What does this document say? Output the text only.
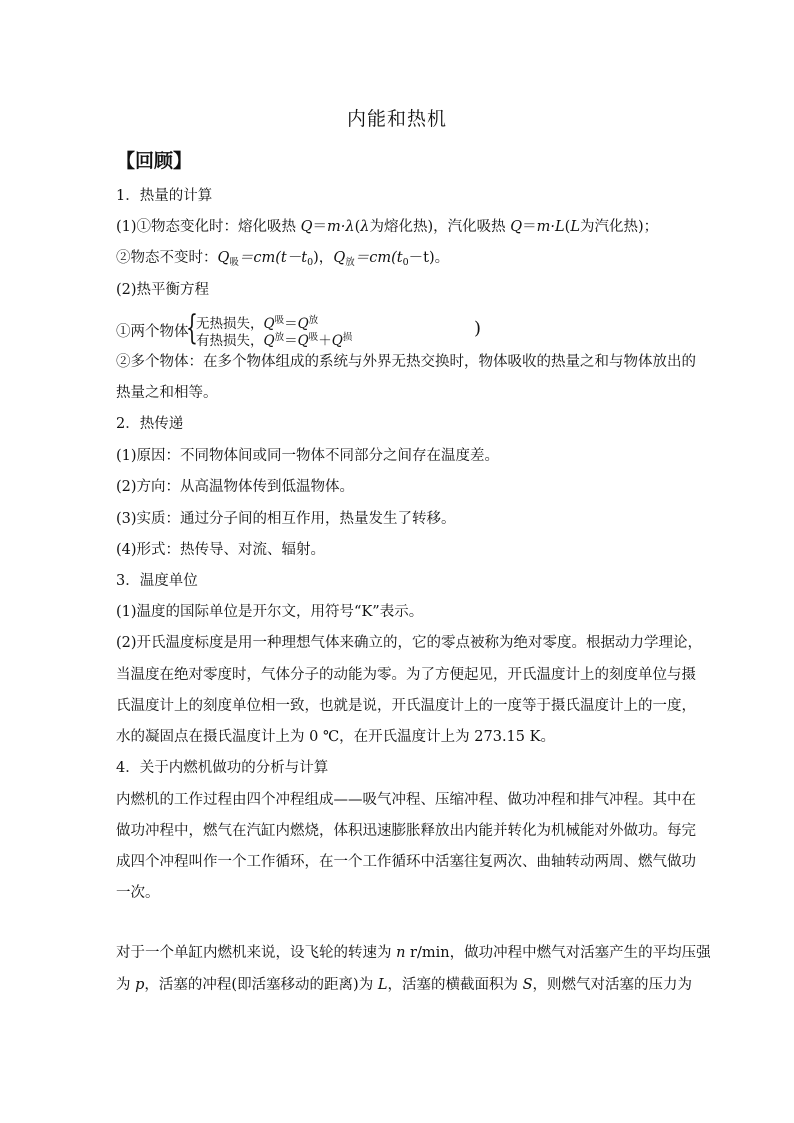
内能和热机
【回顾】
1．热量的计算
(1)①物态变化时：熔化吸热 Q＝m·λ(λ为熔化热)，汽化吸热 Q＝m·L(L为汽化热)；
②物态不变时：$Q_吸=cm(t-t_0)$，$Q_放=cm(t_0-t)$。
(2)热平衡方程
①两个物体
{
无热损失，$Q^吸=Q^放$
有热损失，$Q^放=Q^吸+Q^损$	)
②多个物体：在多个物体组成的系统与外界无热交换时，物体吸收的热量之和与物体放出的
热量之和相等。
2．热传递
(1)原因：不同物体间或同一物体不同部分之间存在温度差。
(2)方向：从高温物体传到低温物体。
(3)实质：通过分子间的相互作用，热量发生了转移。
(4)形式：热传导、对流、辐射。
3．温度单位
(1)温度的国际单位是开尔文，用符号“K”表示。
(2)开氏温度标度是用一种理想气体来确立的，它的零点被称为绝对零度。根据动力学理论，
当温度在绝对零度时，气体分子的动能为零。为了方便起见，开氏温度计上的刻度单位与摄
氏温度计上的刻度单位相一致，也就是说，开氏温度计上的一度等于摄氏温度计上的一度，
水的凝固点在摄氏温度计上为 0 ℃，在开氏温度计上为 273.15 K。
4．关于内燃机做功的分析与计算
内燃机的工作过程由四个冲程组成——吸气冲程、压缩冲程、做功冲程和排气冲程。其中在
做功冲程中，燃气在汽缸内燃烧，体积迅速膨胀释放出内能并转化为机械能对外做功。每完
成四个冲程叫作一个工作循环，在一个工作循环中活塞往复两次、曲轴转动两周、燃气做功
一次。
对于一个单缸内燃机来说，设飞轮的转速为 n r/min，做功冲程中燃气对活塞产生的平均压强
为 p，活塞的冲程(即活塞移动的距离)为 L，活塞的横截面积为 S，则燃气对活塞的压力为
